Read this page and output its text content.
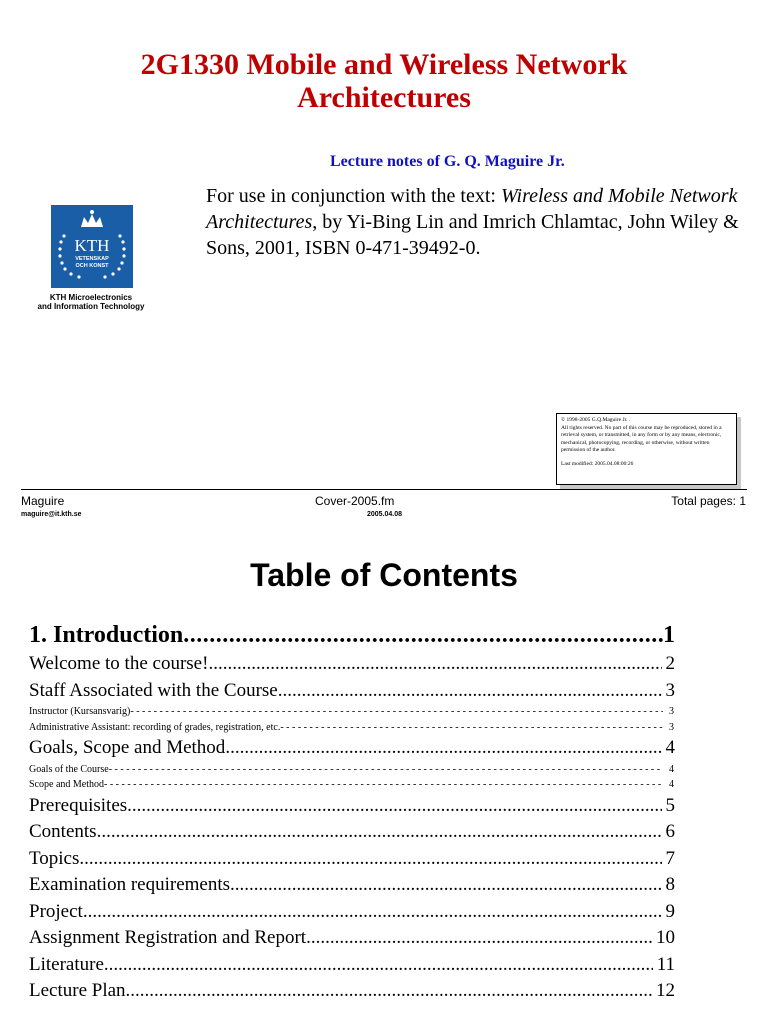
2G1330 Mobile and Wireless Network Architectures
Lecture notes of G. Q. Maguire Jr.
For use in conjunction with the text: Wireless and Mobile Network Architectures, by Yi-Bing Lin and Imrich Chlamtac, John Wiley & Sons, 2001, ISBN 0-471-39492-0.
KTH
VETENSKAP
OCH KONST
KTH Microelectronics
and Information Technology
© 1998-2005 G.Q.Maguire Jr. .
All rights reserved. No part of this course may be reproduced, stored in a retrieval system, or transmitted, in any form or by any means, electronic, mechanical, photocopying, recording, or otherwise, without written permission of the author.
Last modified: 2005.04.08:00:26
Maguire	Cover-2005.fm	Total pages: 1
maguire@it.kth.se	2005.04.08
Table of Contents
1. Introduction .....	1
Welcome to the course! .....	2
Staff Associated with the Course .....	3
Instructor (Kursansvarig) - - -	3
Administrative Assistant: recording of grades, registration, etc. - - -	3
Goals, Scope and Method .....	4
Goals of the Course - - -	4
Scope and Method - - -	4
Prerequisites .....	5
Contents .....	6
Topics .....	7
Examination requirements .....	8
Project .....	9
Assignment Registration and Report .....	10
Literature .....	11
Lecture Plan .....	12
